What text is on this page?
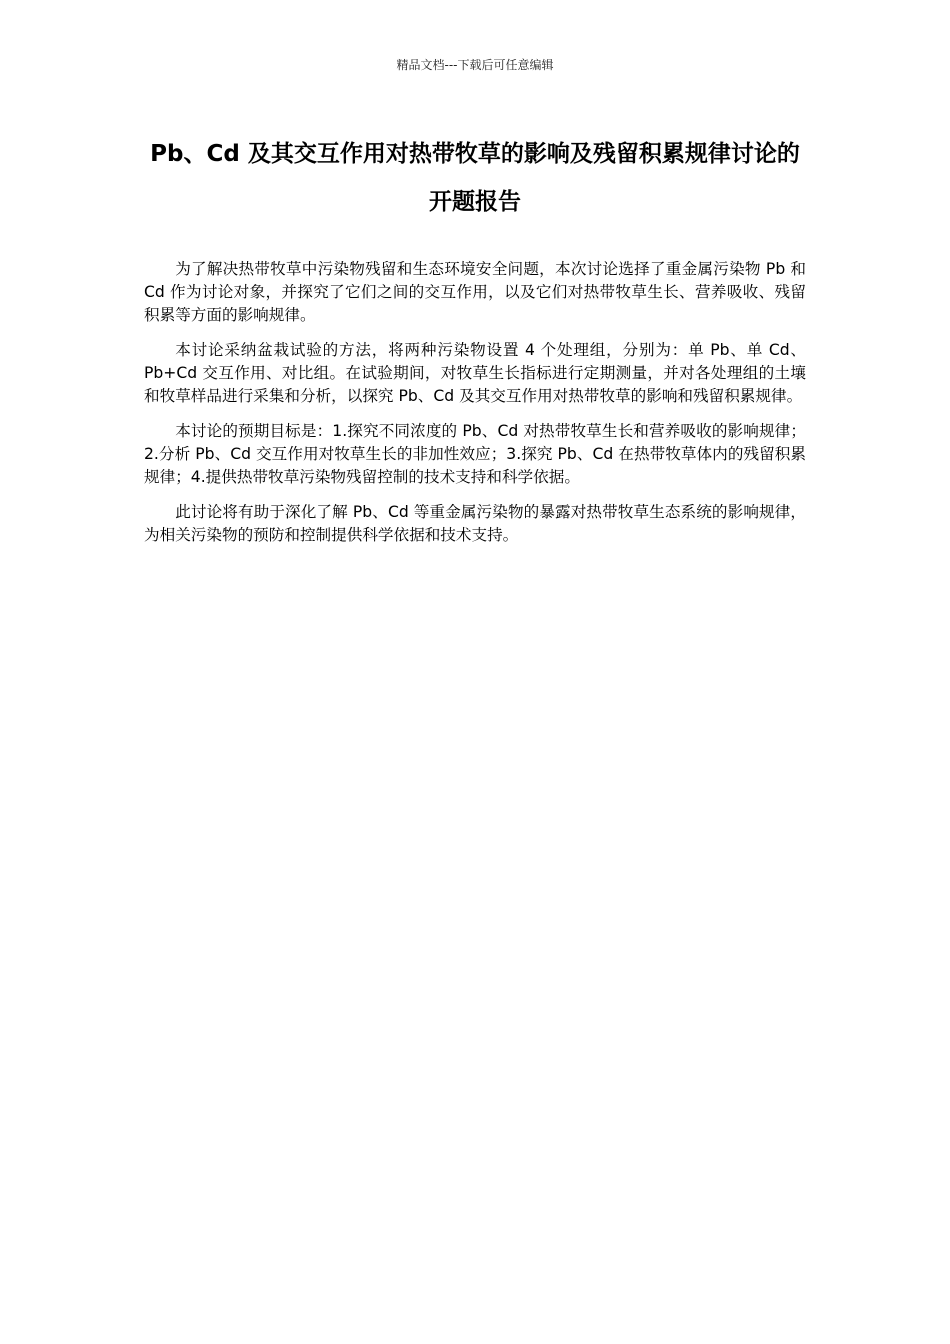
精品文档---下载后可任意编辑
Pb、Cd 及其交互作用对热带牧草的影响及残留积累规律讨论的开题报告

为了解决热带牧草中污染物残留和生态环境安全问题，本次讨论选择了重金属污染物 Pb 和 Cd 作为讨论对象，并探究了它们之间的交互作用，以及它们对热带牧草生长、营养吸收、残留积累等方面的影响规律。

本讨论采纳盆栽试验的方法，将两种污染物设置 4 个处理组，分别为：单 Pb、单 Cd、Pb+Cd 交互作用、对比组。在试验期间，对牧草生长指标进行定期测量，并对各处理组的土壤和牧草样品进行采集和分析，以探究 Pb、Cd 及其交互作用对热带牧草的影响和残留积累规律。

本讨论的预期目标是：1.探究不同浓度的 Pb、Cd 对热带牧草生长和营养吸收的影响规律；2.分析 Pb、Cd 交互作用对牧草生长的非加性效应；3.探究 Pb、Cd 在热带牧草体内的残留积累规律；4.提供热带牧草污染物残留控制的技术支持和科学依据。

此讨论将有助于深化了解 Pb、Cd 等重金属污染物的暴露对热带牧草生态系统的影响规律，为相关污染物的预防和控制提供科学依据和技术支持。
